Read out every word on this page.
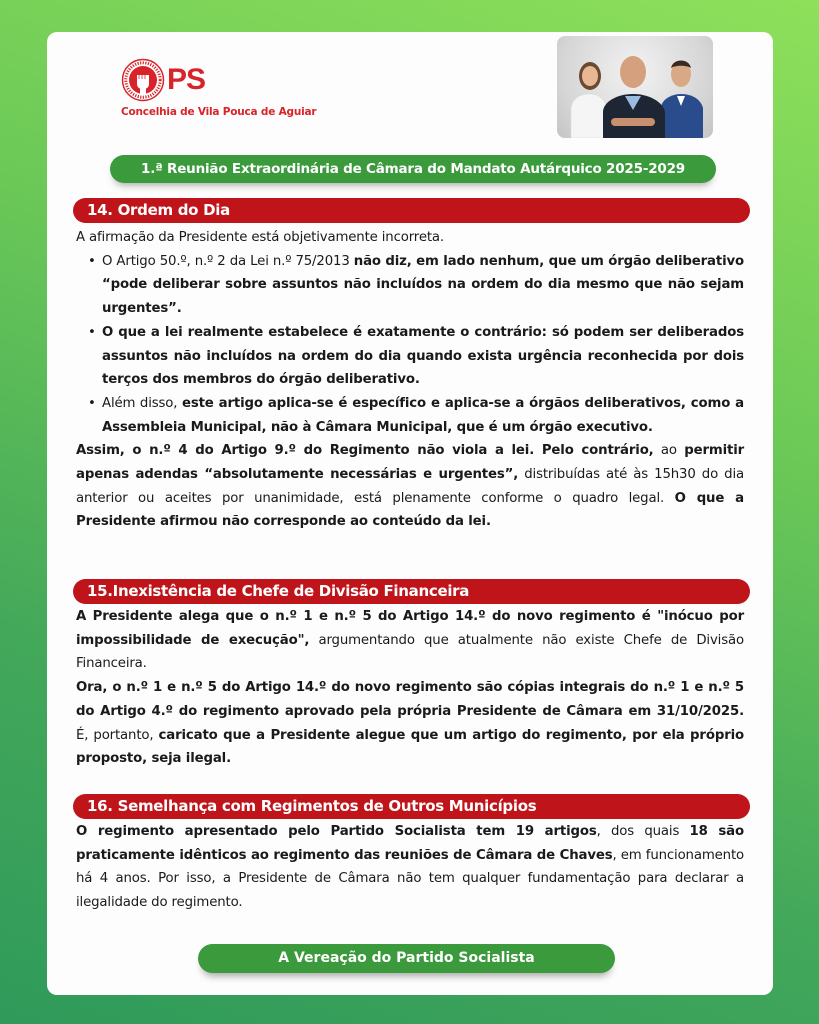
PS
Concelhia de Vila Pouca de Aguiar
1.ª Reunião Extraordinária de Câmara do Mandato Autárquico 2025-2029
14. Ordem do Dia
A afirmação da Presidente está objetivamente incorreta.
• O Artigo 50.º, n.º 2 da Lei n.º 75/2013 não diz, em lado nenhum, que um órgão deliberativo “pode deliberar sobre assuntos não incluídos na ordem do dia mesmo que não sejam urgentes”.
• O que a lei realmente estabelece é exatamente o contrário: só podem ser deliberados assuntos não incluídos na ordem do dia quando exista urgência reconhecida por dois terços dos membros do órgão deliberativo.
• Além disso, este artigo aplica-se é específico e aplica-se a órgãos deliberativos, como a Assembleia Municipal, não à Câmara Municipal, que é um órgão executivo.
Assim, o n.º 4 do Artigo 9.º do Regimento não viola a lei. Pelo contrário, ao permitir apenas adendas “absolutamente necessárias e urgentes”, distribuídas até às 15h30 do dia anterior ou aceites por unanimidade, está plenamente conforme o quadro legal. O que a Presidente afirmou não corresponde ao conteúdo da lei.
15.Inexistência de Chefe de Divisão Financeira
A Presidente alega que o n.º 1 e n.º 5 do Artigo 14.º do novo regimento é "inócuo por impossibilidade de execução", argumentando que atualmente não existe Chefe de Divisão Financeira.
Ora, o n.º 1 e n.º 5 do Artigo 14.º do novo regimento são cópias integrais do n.º 1 e n.º 5 do Artigo 4.º do regimento aprovado pela própria Presidente de Câmara em 31/10/2025. É, portanto, caricato que a Presidente alegue que um artigo do regimento, por ela próprio proposto, seja ilegal.
16. Semelhança com Regimentos de Outros Municípios
O regimento apresentado pelo Partido Socialista tem 19 artigos, dos quais 18 são praticamente idênticos ao regimento das reuniões de Câmara de Chaves, em funcionamento há 4 anos. Por isso, a Presidente de Câmara não tem qualquer fundamentação para declarar a ilegalidade do regimento.
A Vereação do Partido Socialista
